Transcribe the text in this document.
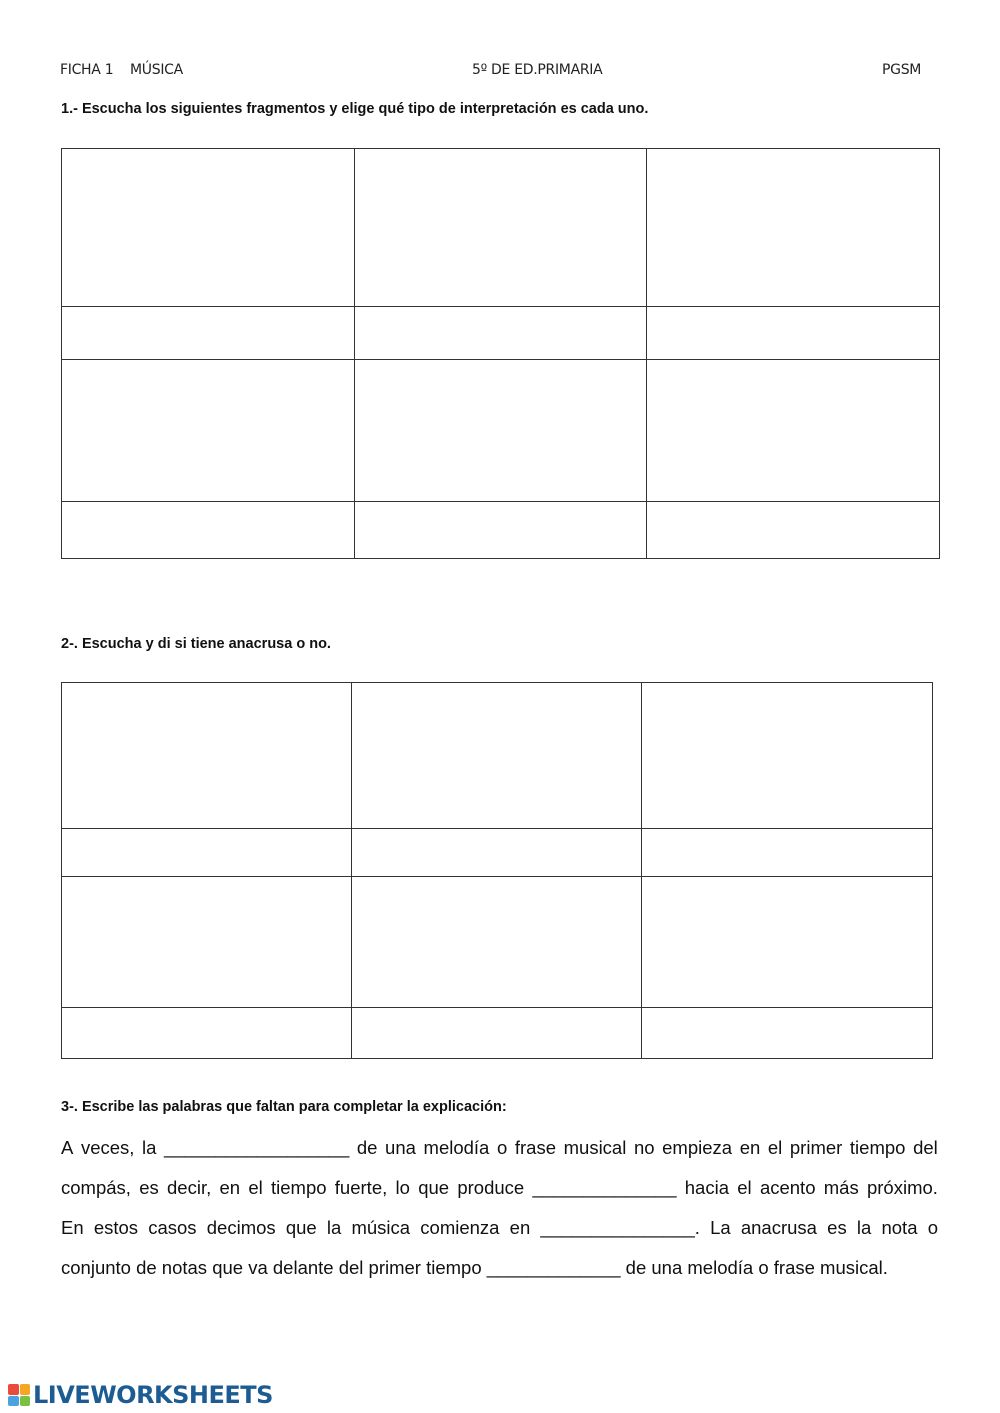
FICHA 1 MÚSICA	5º DE ED.PRIMARIA	PGSM
1.- Escucha los siguientes fragmentos y elige qué tipo de interpretación es cada uno.

2-. Escucha y di si tiene anacrusa o no.

3-. Escribe las palabras que faltan para completar la explicación:
A veces, la __________________ de una melodía o frase musical no empieza en el primer tiempo del
compás, es decir, en el tiempo fuerte, lo que produce ______________ hacia el acento más próximo.
En estos casos decimos que la música comienza en _______________. La anacrusa es la nota o
conjunto de notas que va delante del primer tiempo _____________ de una melodía o frase musical.
LIVEWORKSHEETS
